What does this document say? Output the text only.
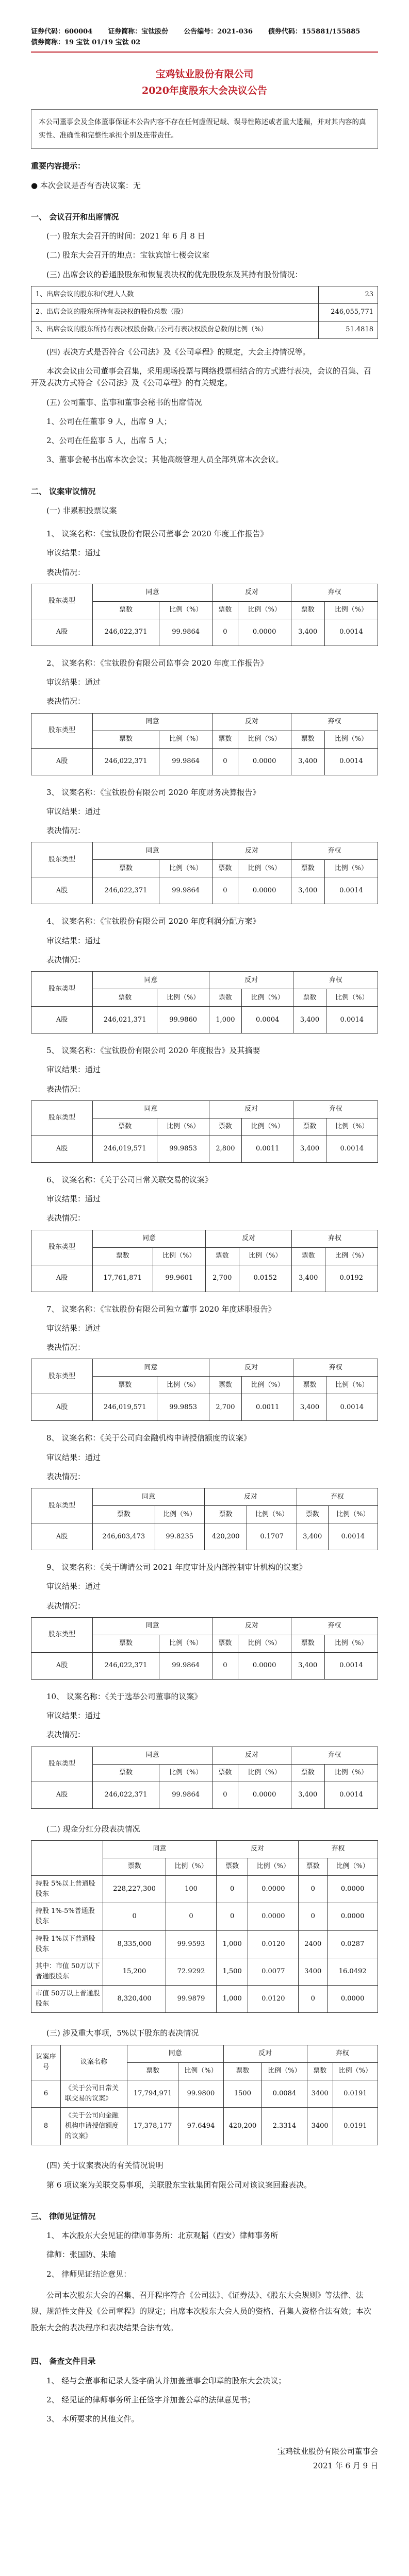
证券代码：600004 证券简称：宝钛股份 公告编号：2021-036 债券代码：155881/155885
债券简称：19 宝钛 01/19 宝钛 02
宝鸡钛业股份有限公司
2020年度股东大会决议公告
本公司董事会及全体董事保证本公告内容不存在任何虚假记载、误导性陈述或者重大遗漏，并对其内容的真实性、准确性和完整性承担个别及连带责任。
重要内容提示：
● 本次会议是否有否决议案：无
一、 会议召开和出席情况
(一) 股东大会召开的时间：2021 年 6 月 8 日
(二) 股东大会召开的地点：宝钛宾馆七楼会议室
(三) 出席会议的普通股股东和恢复表决权的优先股股东及其持有股份情况：
1、出席会议的股东和代理人人数	23
2、出席会议的股东所持有表决权的股份总数（股）	246,055,771
3、出席会议的股东所持有表决权股份数占公司有表决权股份总数的比例（%）	51.4818
(四) 表决方式是否符合《公司法》及《公司章程》的规定，大会主持情况等。
本次会议由公司董事会召集，采用现场投票与网络投票相结合的方式进行表决，会议的召集、召开及表决方式符合《公司法》及《公司章程》的有关规定。
(五) 公司董事、监事和董事会秘书的出席情况
1、公司在任董事 9 人，出席 9 人；
2、公司在任监事 5 人，出席 5 人；
3、董事会秘书出席本次会议；其他高级管理人员全部列席本次会议。
二、 议案审议情况
(一) 非累积投票议案
1、 议案名称：《宝钛股份有限公司董事会 2020 年度工作报告》
审议结果：通过
表决情况：
股东类型	同意		反对		弃权	
	票数	比例（%）	票数	比例（%）	票数	比例（%）
A股	246,022,371	99.9864	0	0.0000	3,400	0.0014
2、 议案名称：《宝钛股份有限公司监事会 2020 年度工作报告》
审议结果：通过
表决情况：
股东类型	同意		反对		弃权	
	票数	比例（%）	票数	比例（%）	票数	比例（%）
A股	246,022,371	99.9864	0	0.0000	3,400	0.0014
3、 议案名称：《宝钛股份有限公司 2020 年度财务决算报告》
审议结果：通过
表决情况：
股东类型	同意		反对		弃权	
	票数	比例（%）	票数	比例（%）	票数	比例（%）
A股	246,022,371	99.9864	0	0.0000	3,400	0.0014
4、 议案名称：《宝钛股份有限公司 2020 年度利润分配方案》
审议结果：通过
表决情况：
股东类型	同意		反对		弃权	
	票数	比例（%）	票数	比例（%）	票数	比例（%）
A股	246,021,371	99.9860	1,000	0.0004	3,400	0.0014
5、 议案名称：《宝钛股份有限公司 2020 年度报告》及其摘要
审议结果：通过
表决情况：
股东类型	同意		反对		弃权	
	票数	比例（%）	票数	比例（%）	票数	比例（%）
A股	246,019,571	99.9853	2,800	0.0011	3,400	0.0014
6、 议案名称：《关于公司日常关联交易的议案》
审议结果：通过
表决情况：
股东类型	同意		反对		弃权	
	票数	比例（%）	票数	比例（%）	票数	比例（%）
A股	17,761,871	99.9601	2,700	0.0152	3,400	0.0192
7、 议案名称：《宝钛股份有限公司独立董事 2020 年度述职报告》
审议结果：通过
表决情况：
股东类型	同意		反对		弃权	
	票数	比例（%）	票数	比例（%）	票数	比例（%）
A股	246,019,571	99.9853	2,700	0.0011	3,400	0.0014
8、 议案名称：《关于公司向金融机构申请授信额度的议案》
审议结果：通过
表决情况：
股东类型	同意		反对		弃权	
	票数	比例（%）	票数	比例（%）	票数	比例（%）
A股	246,603,473	99.8235	420,200	0.1707	3,400	0.0014
9、 议案名称：《关于聘请公司 2021 年度审计及内部控制审计机构的议案》
审议结果：通过
表决情况：
股东类型	同意		反对		弃权	
	票数	比例（%）	票数	比例（%）	票数	比例（%）
A股	246,022,371	99.9864	0	0.0000	3,400	0.0014
10、 议案名称：《关于选举公司董事的议案》
审议结果：通过
表决情况：
股东类型	同意		反对		弃权	
	票数	比例（%）	票数	比例（%）	票数	比例（%）
A股	246,022,371	99.9864	0	0.0000	3,400	0.0014
(二) 现金分红分段表决情况
	同意		反对		弃权	
	票数	比例（%）	票数	比例（%）	票数	比例（%）
持股 5%以上普通股股东	228,227,300	100	0	0.0000	0	0.0000
持股 1%-5%普通股股东	0	0	0	0.0000	0	0.0000
持股 1%以下普通股股东	8,335,000	99.9593	1,000	0.0120	2400	0.0287
其中：市值 50万以下普通股股东	15,200	72.9292	1,500	0.0077	3400	16.0492
市值 50万以上普通股股东	8,320,400	99.9879	1,000	0.0120	0	0.0000
(三) 涉及重大事项，5%以下股东的表决情况
议案序号	议案名称	同意		反对		弃权	
		票数	比例（%）	票数	比例（%）	票数	比例（%）
6	《关于公司日常关联交易的议案》	17,794,971	99.9800	1500	0.0084	3400	0.0191
8	《关于公司向金融机构申请授信额度的议案》	17,378,177	97.6494	420,200	2.3314	3400	0.0191
(四) 关于议案表决的有关情况说明
第 6 项议案为关联交易事项，关联股东宝钛集团有限公司对该议案回避表决。
三、 律师见证情况
1、 本次股东大会见证的律师事务所：北京观韬（西安）律师事务所
律师：张国防、朱瑜
2、 律师见证结论意见：
公司本次股东大会的召集、召开程序符合《公司法》、《证券法》、《股东大会规则》等法律、法规、规范性文件及《公司章程》的规定；出席本次股东大会人员的资格、召集人资格合法有效；本次股东大会的表决程序和表决结果合法有效。
四、 备查文件目录
1、 经与会董事和记录人签字确认并加盖董事会印章的股东大会决议；
2、 经见证的律师事务所主任签字并加盖公章的法律意见书；
3、 本所要求的其他文件。
宝鸡钛业股份有限公司董事会
2021 年 6 月 9 日
